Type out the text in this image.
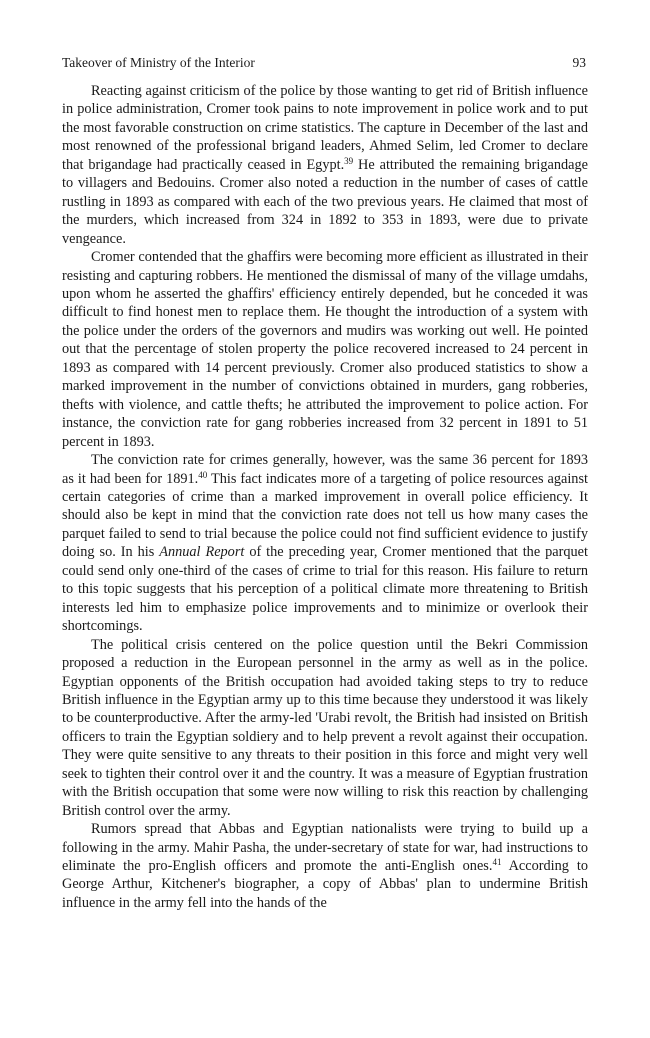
Takeover of Ministry of the Interior	93

Reacting against criticism of the police by those wanting to get rid of British influence in police administration, Cromer took pains to note improvement in police work and to put the most favorable construction on crime statistics. The capture in December of the last and most renowned of the professional brigand leaders, Ahmed Selim, led Cromer to declare that brigandage had practically ceased in Egypt.$^{39}$ He attributed the remaining brigandage to villagers and Bedouins. Cromer also noted a reduction in the number of cases of cattle rustling in 1893 as compared with each of the two previous years. He claimed that most of the murders, which increased from 324 in 1892 to 353 in 1893, were due to private vengeance.

Cromer contended that the ghaffirs were becoming more efficient as illustrated in their resisting and capturing robbers. He mentioned the dismissal of many of the village umdahs, upon whom he asserted the ghaffirs' efficiency entirely depended, but he conceded it was difficult to find honest men to replace them. He thought the introduction of a system with the police under the orders of the governors and mudirs was working out well. He pointed out that the percentage of stolen property the police recovered increased to 24 percent in 1893 as compared with 14 percent previously. Cromer also produced statistics to show a marked improvement in the number of convictions obtained in murders, gang robberies, thefts with violence, and cattle thefts; he attributed the improvement to police action. For instance, the conviction rate for gang robberies increased from 32 percent in 1891 to 51 percent in 1893.

The conviction rate for crimes generally, however, was the same 36 percent for 1893 as it had been for 1891.40 This fact indicates more of a targeting of police resources against certain categories of crime than a marked improvement in overall police efficiency. It should also be kept in mind that the conviction rate does not tell us how many cases the parquet failed to send to trial because the police could not find sufficient evidence to justify doing so. In his Annual Report of the preceding year, Cromer mentioned that the parquet could send only one-third of the cases of crime to trial for this reason. His failure to return to this topic suggests that his perception of a political climate more threatening to British interests led him to emphasize police improvements and to minimize or overlook their shortcomings.

The political crisis centered on the police question until the Bekri Commission proposed a reduction in the European personnel in the army as well as in the police. Egyptian opponents of the British occupation had avoided taking steps to try to reduce British influence in the Egyptian army up to this time because they understood it was likely to be counterproductive. After the army-led 'Urabi revolt, the British had insisted on British officers to train the Egyptian soldiery and to help prevent a revolt against their occupation. They were quite sensitive to any threats to their position in this force and might very well seek to tighten their control over it and the country. It was a measure of Egyptian frustration with the British occupation that some were now willing to risk this reaction by challenging British control over the army.

Rumors spread that Abbas and Egyptian nationalists were trying to build up a following in the army. Mahir Pasha, the under-secretary of state for war, had instructions to eliminate the pro-English officers and promote the anti-English ones.$^{41}$ According to George Arthur, Kitchener's biographer, a copy of Abbas' plan to undermine British influence in the army fell into the hands of the
